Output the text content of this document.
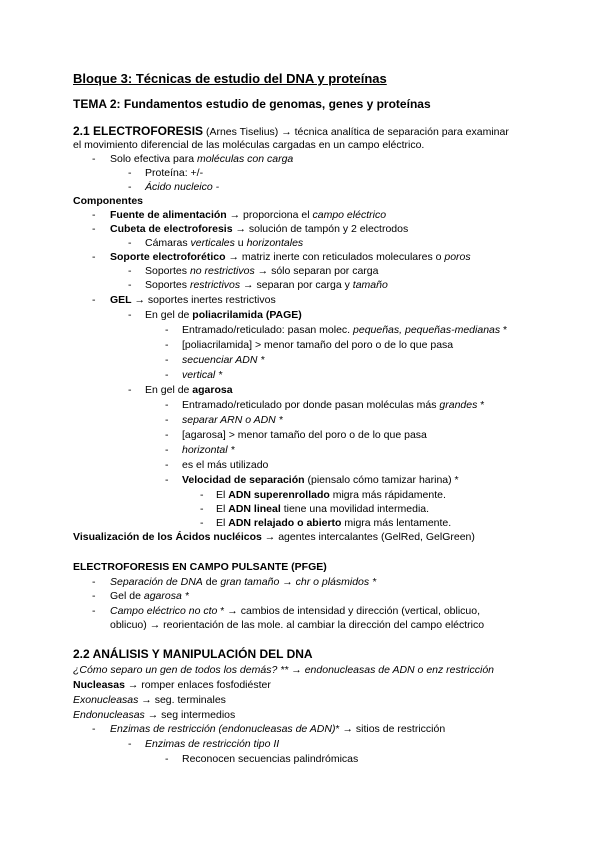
Bloque 3: Técnicas de estudio del DNA y proteínas
TEMA 2: Fundamentos estudio de genomas, genes y proteínas
2.1 ELECTROFORESIS (Arnes Tiselius) → técnica analítica de separación para examinar
el movimiento diferencial de las moléculas cargadas en un campo eléctrico.
- Solo efectiva para moléculas con carga
- Proteína: +/-
- Ácido nucleico -
Componentes
- Fuente de alimentación → proporciona el campo eléctrico
- Cubeta de electroforesis → solución de tampón y 2 electrodos
- Cámaras verticales u horizontales
- Soporte electroforético → matriz inerte con reticulados moleculares o poros
- Soportes no restrictivos → sólo separan por carga
- Soportes restrictivos → separan por carga y tamaño
- GEL → soportes inertes restrictivos
- En gel de poliacrilamida (PAGE)
- Entramado/reticulado: pasan molec. pequeñas, pequeñas-medianas *
- [poliacrilamida] > menor tamaño del poro o de lo que pasa
- secuenciar ADN *
- vertical *
- En gel de agarosa
- Entramado/reticulado por donde pasan moléculas más grandes *
- separar ARN o ADN *
- [agarosa] > menor tamaño del poro o de lo que pasa
- horizontal *
- es el más utilizado
- Velocidad de separación (piensalo cómo tamizar harina) *
- El ADN superenrollado migra más rápidamente.
- El ADN lineal tiene una movilidad intermedia.
- El ADN relajado o abierto migra más lentamente.
Visualización de los Ácidos nucléicos → agentes intercalantes (GelRed, GelGreen)
ELECTROFORESIS EN CAMPO PULSANTE (PFGE)
- Separación de DNA de gran tamaño → chr o plásmidos *
- Gel de agarosa *
- Campo eléctrico no cto * → cambios de intensidad y dirección (vertical, oblicuo,
oblicuo) → reorientación de las mole. al cambiar la dirección del campo eléctrico
2.2 ANÁLISIS Y MANIPULACIÓN DEL DNA
¿Cómo separo un gen de todos los demás? ** → endonucleasas de ADN o enz restricción
Nucleasas → romper enlaces fosfodiéster
Exonucleasas → seg. terminales
Endonucleasas → seg intermedios
- Enzimas de restricción (endonucleasas de ADN)* → sitios de restricción
- Enzimas de restricción tipo II
- Reconocen secuencias palindrómicas
